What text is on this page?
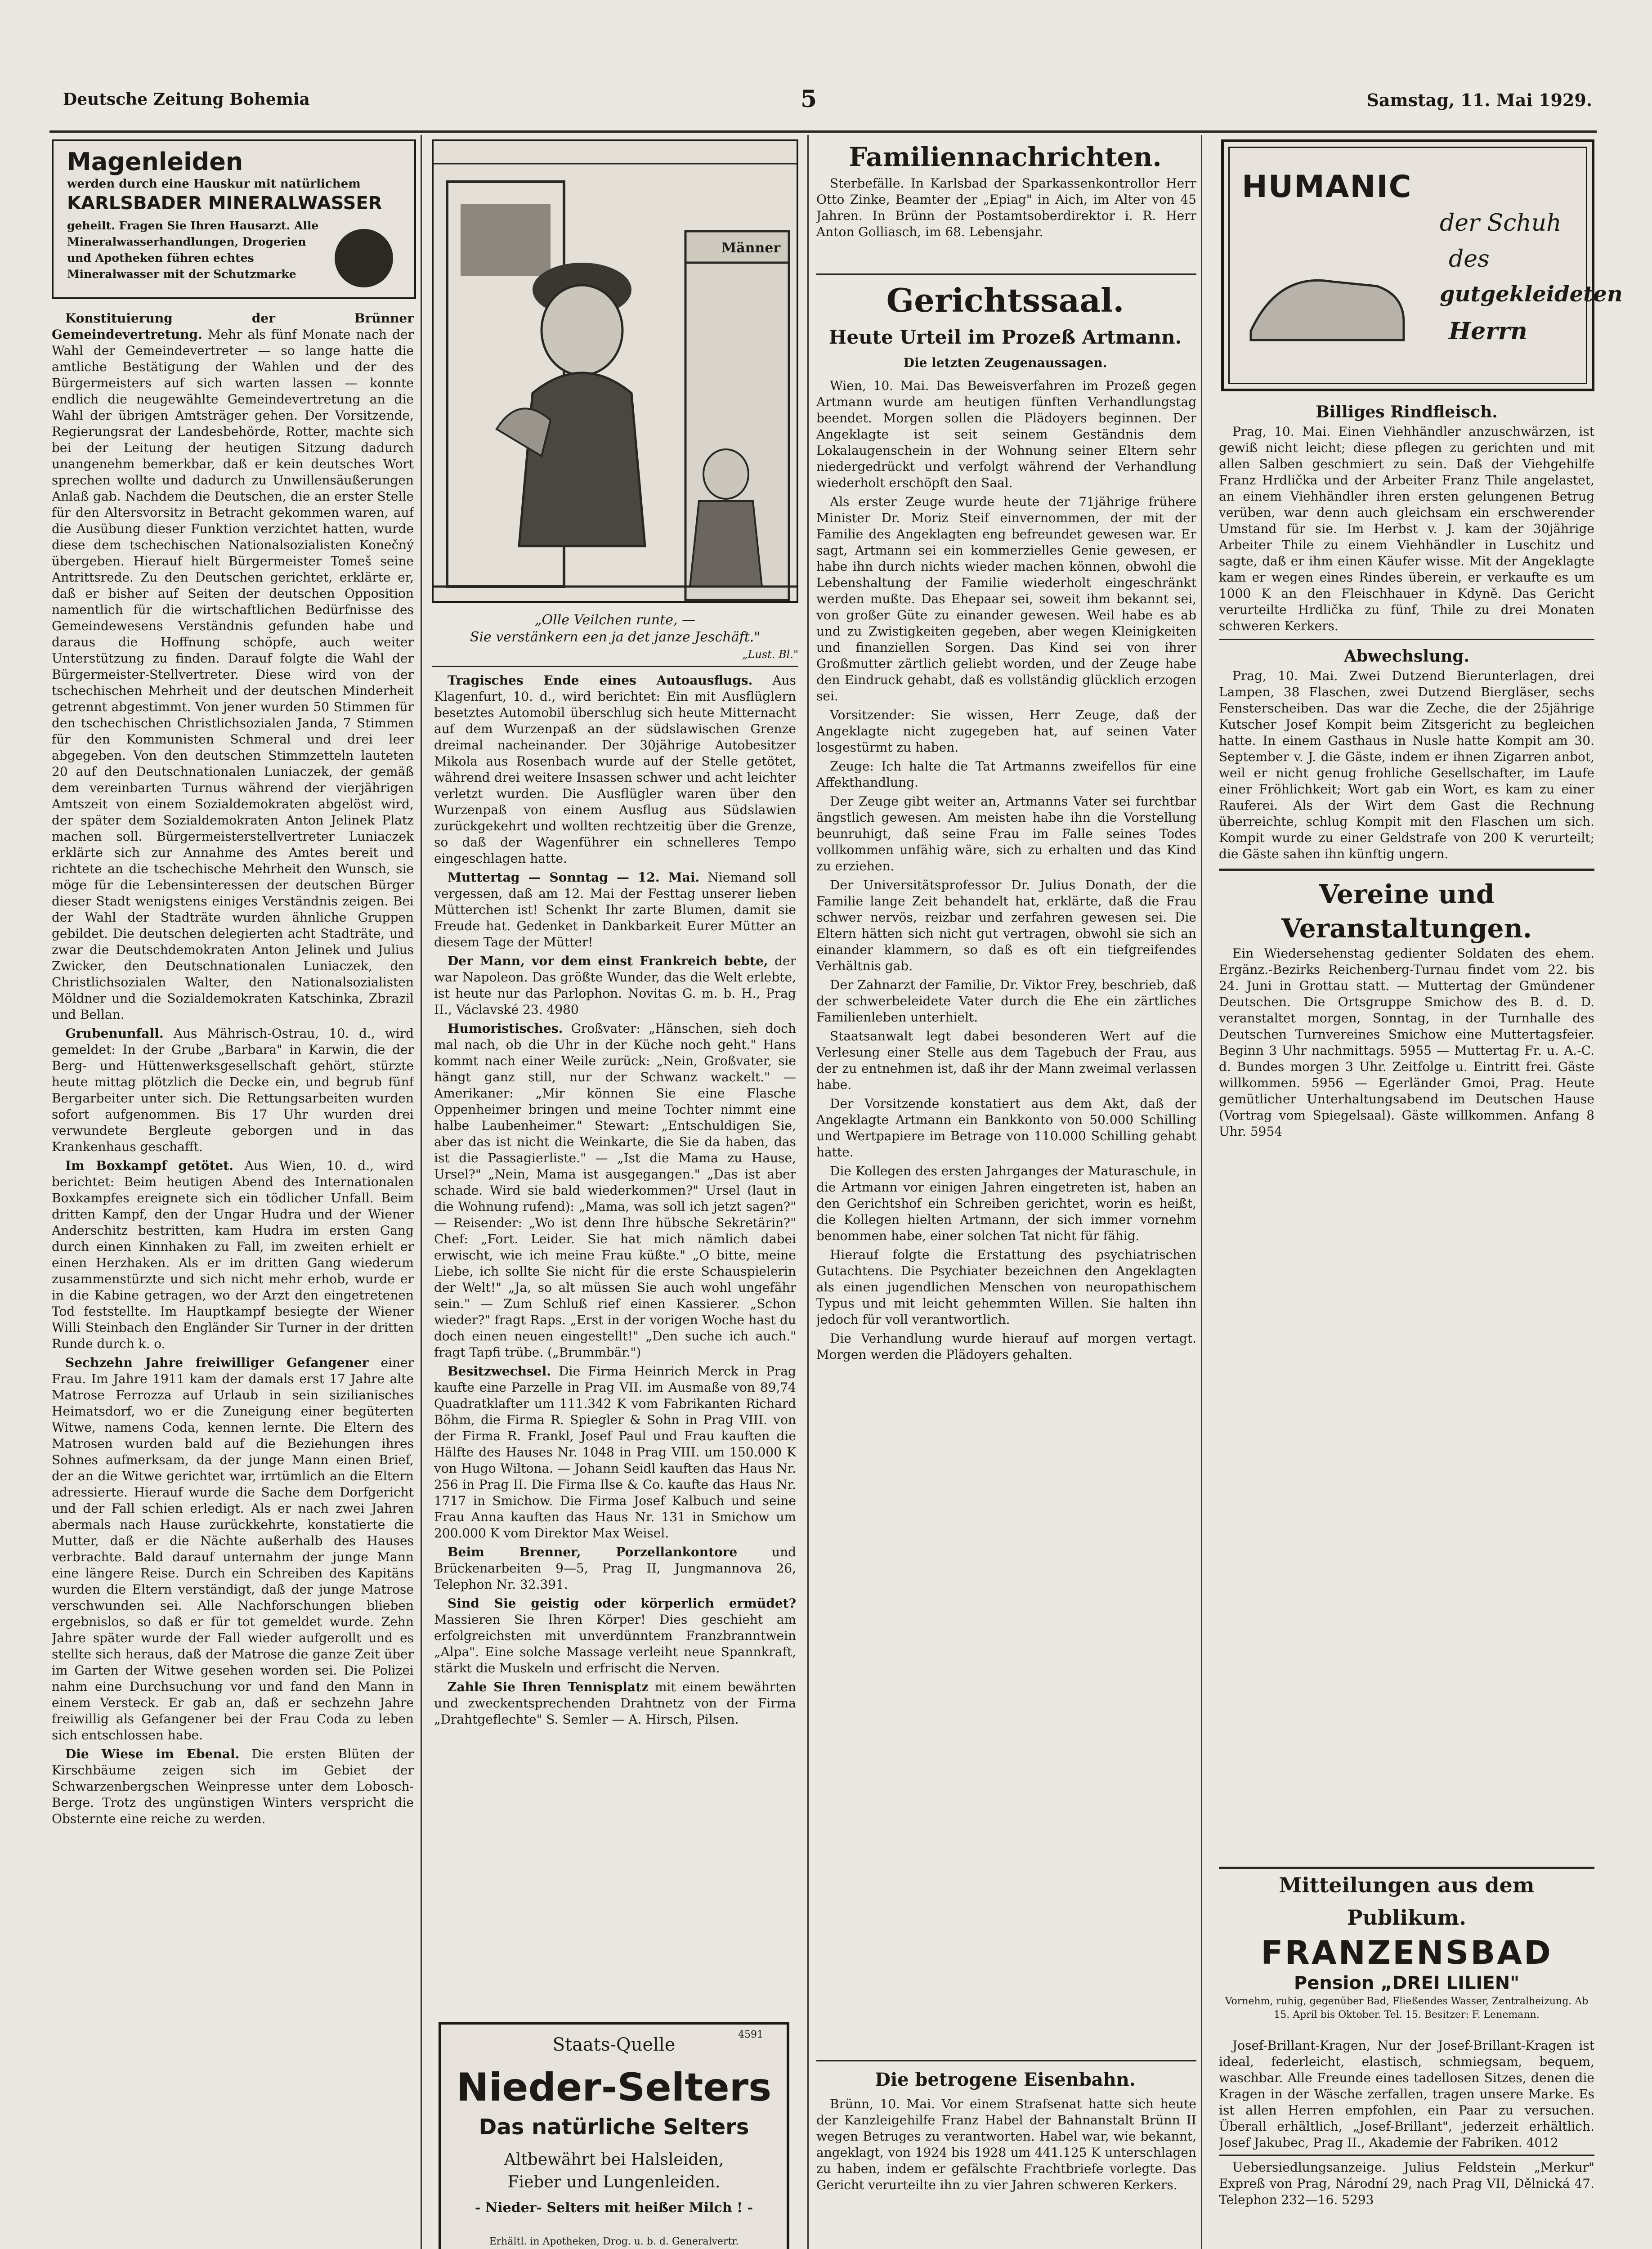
Deutsche Zeitung Bohemia	5	Samstag, 11. Mai 1929.
Magenleiden
werden durch eine Hauskur mit natürlichem
KARLSBADER MINERALWASSER
geheilt. Fragen Sie Ihren Hausarzt. Alle Mineralwasserhandlungen, Drogerien und Apotheken führen echtes Mineralwasser mit der Schutzmarke

Konstituierung der Brünner Gemeindevertretung. Mehr als fünf Monate nach der Wahl der Gemeindevertreter — so lange hatte die amtliche Bestätigung der Wahlen und der des Bürgermeisters auf sich warten lassen — konnte endlich die neugewählte Gemeindevertretung an die Wahl der übrigen Amtsträger gehen. Der Vorsitzende, Regierungsrat der Landesbehörde, Rotter, machte sich bei der Leitung der heutigen Sitzung dadurch unangenehm bemerkbar, daß er kein deutsches Wort sprechen wollte und dadurch zu Unwillensäußerungen Anlaß gab. Nachdem die Deutschen, die an erster Stelle für den Altersvorsitz in Betracht gekommen waren, auf die Ausübung dieser Funktion verzichtet hatten, wurde diese dem tschechischen Nationalsozialisten Konečný übergeben. Hierauf hielt Bürgermeister Tomeš seine Antrittsrede. Zu den Deutschen gerichtet, erklärte er, daß er bisher auf Seiten der deutschen Opposition namentlich für die wirtschaftlichen Bedürfnisse des Gemeindewesens Verständnis gefunden habe und daraus die Hoffnung schöpfe, auch weiter Unterstützung zu finden. Darauf folgte die Wahl der Bürgermeister-Stellvertreter. Diese wird von der tschechischen Mehrheit und der deutschen Minderheit getrennt abgestimmt. Von jener wurden 50 Stimmen für den tschechischen Christlichsozialen Janda, 7 Stimmen für den Kommunisten Schmeral und drei leer abgegeben. Von den deutschen Stimmzetteln lauteten 20 auf den Deutschnationalen Luniaczek, der gemäß dem vereinbarten Turnus während der vierjährigen Amtszeit von einem Sozialdemokraten abgelöst wird, der später dem Sozialdemokraten Anton Jelinek Platz machen soll. Bürgermeisterstellvertreter Luniaczek erklärte sich zur Annahme des Amtes bereit und richtete an die tschechische Mehrheit den Wunsch, sie möge für die Lebensinteressen der deutschen Bürger dieser Stadt wenigstens einiges Verständnis zeigen. Bei der Wahl der Stadträte wurden ähnliche Gruppen gebildet. Die deutschen delegierten acht Stadträte, und zwar die Deutschdemokraten Anton Jelinek und Julius Zwicker, den Deutschnationalen Luniaczek, den Christlichsozialen Walter, den Nationalsozialisten Möldner und die Sozialdemokraten Katschinka, Zbrazil und Bellan.

Grubenunfall. Aus Mährisch-Ostrau, 10. d., wird gemeldet: In der Grube „Barbara" in Karwin, die der Berg- und Hüttenwerksgesellschaft gehört, stürzte heute mittag plötzlich die Decke ein, und begrub fünf Bergarbeiter unter sich. Die Rettungsarbeiten wurden sofort aufgenommen. Bis 17 Uhr wurden drei verwundete Bergleute geborgen und in das Krankenhaus geschafft.

Im Boxkampf getötet. Aus Wien, 10. d., wird berichtet: Beim heutigen Abend des Internationalen Boxkampfes ereignete sich ein tödlicher Unfall. Beim dritten Kampf, den der Ungar Hudra und der Wiener Anderschitz bestritten, kam Hudra im ersten Gang durch einen Kinnhaken zu Fall, im zweiten erhielt er einen Herzhaken. Als er im dritten Gang wiederum zusammenstürzte und sich nicht mehr erhob, wurde er in die Kabine getragen, wo der Arzt den eingetretenen Tod feststellte. Im Hauptkampf besiegte der Wiener Willi Steinbach den Engländer Sir Turner in der dritten Runde durch k. o.

Sechzehn Jahre freiwilliger Gefangener einer Frau. Im Jahre 1911 kam der damals erst 17 Jahre alte Matrose Ferrozza auf Urlaub in sein sizilianisches Heimatsdorf, wo er die Zuneigung einer begüterten Witwe, namens Coda, kennen lernte. Die Eltern des Matrosen wurden bald auf die Beziehungen ihres Sohnes aufmerksam, da der junge Mann einen Brief, der an die Witwe gerichtet war, irrtümlich an die Eltern adressierte. Hierauf wurde die Sache dem Dorfgericht und der Fall schien erledigt. Als er nach zwei Jahren abermals nach Hause zurückkehrte, konstatierte die Mutter, daß er die Nächte außerhalb des Hauses verbrachte. Bald darauf unternahm der junge Mann eine längere Reise. Durch ein Schreiben des Kapitäns wurden die Eltern verständigt, daß der junge Matrose verschwunden sei. Alle Nachforschungen blieben ergebnislos, so daß er für tot gemeldet wurde. Zehn Jahre später wurde der Fall wieder aufgerollt und es stellte sich heraus, daß der Matrose die ganze Zeit über im Garten der Witwe gesehen worden sei. Die Polizei nahm eine Durchsuchung vor und fand den Mann in einem Versteck. Er gab an, daß er sechzehn Jahre freiwillig als Gefangener bei der Frau Coda zu leben sich entschlossen habe.

Die Wiese im Ebenal. Die ersten Blüten der Kirschbäume zeigen sich im Gebiet der Schwarzenbergschen Weinpresse unter dem Lobosch-Berge. Trotz des ungünstigen Winters verspricht die Obsternte eine reiche zu werden.

Männer
„Olle Veilchen runte, —
Sie verstänkern een ja det janze Jeschäft."
„Lust. Bl."

Tragisches Ende eines Autoausflugs. Aus Klagenfurt, 10. d., wird berichtet: Ein mit Ausflüglern besetztes Automobil überschlug sich heute Mitternacht auf dem Wurzenpaß an der südslawischen Grenze dreimal nacheinander. Der 30jährige Autobesitzer Mikola aus Rosenbach wurde auf der Stelle getötet, während drei weitere Insassen schwer und acht leichter verletzt wurden. Die Ausflügler waren über den Wurzenpaß von einem Ausflug aus Südslawien zurückgekehrt und wollten rechtzeitig über die Grenze, so daß der Wagenführer ein schnelleres Tempo eingeschlagen hatte.

Muttertag — Sonntag — 12. Mai. Niemand soll vergessen, daß am 12. Mai der Festtag unserer lieben Mütterchen ist! Schenkt Ihr zarte Blumen, damit sie Freude hat. Gedenket in Dankbarkeit Eurer Mütter an diesem Tage der Mütter!

Der Mann, vor dem einst Frankreich bebte, der war Napoleon. Das größte Wunder, das die Welt erlebte, ist heute nur das Parlophon. Novitas G. m. b. H., Prag II., Václavské 23. 4980

Humoristisches. Großvater: „Hänschen, sieh doch mal nach, ob die Uhr in der Küche noch geht." Hans kommt nach einer Weile zurück: „Nein, Großvater, sie hängt ganz still, nur der Schwanz wackelt." — Amerikaner: „Mir können Sie eine Flasche Oppenheimer bringen und meine Tochter nimmt eine halbe Laubenheimer." Stewart: „Entschuldigen Sie, aber das ist nicht die Weinkarte, die Sie da haben, das ist die Passagierliste." — „Ist die Mama zu Hause, Ursel?" „Nein, Mama ist ausgegangen." „Das ist aber schade. Wird sie bald wiederkommen?" Ursel (laut in die Wohnung rufend): „Mama, was soll ich jetzt sagen?" — Reisender: „Wo ist denn Ihre hübsche Sekretärin?" Chef: „Fort. Leider. Sie hat mich nämlich dabei erwischt, wie ich meine Frau küßte." „O bitte, meine Liebe, ich sollte Sie nicht für die erste Schauspielerin der Welt!" „Ja, so alt müssen Sie auch wohl ungefähr sein." — Zum Schluß rief einen Kassierer. „Schon wieder?" fragt Raps. „Erst in der vorigen Woche hast du doch einen neuen eingestellt!" „Den suche ich auch." fragt Tapfi trübe. („Brummbär.")

Besitzwechsel. Die Firma Heinrich Merck in Prag kaufte eine Parzelle in Prag VII. im Ausmaße von 89,74 Quadratklafter um 111.342 K vom Fabrikanten Richard Böhm, die Firma R. Spiegler & Sohn in Prag VIII. von der Firma R. Frankl, Josef Paul und Frau kauften die Hälfte des Hauses Nr. 1048 in Prag VIII. um 150.000 K von Hugo Wiltona. — Johann Seidl kauften das Haus Nr. 256 in Prag II. Die Firma Ilse & Co. kaufte das Haus Nr. 1717 in Smichow. Die Firma Josef Kalbuch und seine Frau Anna kauften das Haus Nr. 131 in Smichow um 200.000 K vom Direktor Max Weisel.

Beim Brenner, Porzellankontore	und Brückenarbeiten 9—5, Prag II, Jungmannova 26, Telephon Nr. 32.391.

Sind Sie geistig oder körperlich ermüdet? Massieren Sie Ihren Körper! Dies geschieht am erfolgreichsten mit unverdünntem Franzbranntwein „Alpa". Eine solche Massage verleiht neue Spannkraft, stärkt die Muskeln und erfrischt die Nerven.

Zahle Sie Ihren Tennisplatz mit einem bewährten und zweckentsprechenden Drahtnetz von der Firma „Drahtgeflechte" S. Semler — A. Hirsch, Pilsen.

Staats-Quelle	4591
Nieder-Selters
Das natürliche Selters
Altbewährt bei Halsleiden,
Fieber und Lungenleiden.
- Nieder- Selters mit heißer Milch ! -
Erhältl. in Apotheken, Drog. u. b. d. Generalvertr.
Familiennachrichten.

Sterbefälle. In Karlsbad der Sparkassenkontrollor Herr Otto Zinke, Beamter der „Epiag" in Aich, im Alter von 45 Jahren. In Brünn der Postamtsoberdirektor i. R. Herr Anton Golliasch, im 68. Lebensjahr.

Gerichtssaal.
Heute Urteil im Prozeß Artmann.
Die letzten Zeugenaussagen.

Wien, 10. Mai. Das Beweisverfahren im Prozeß gegen Artmann wurde am heutigen fünften Verhandlungstag beendet. Morgen sollen die Plädoyers beginnen. Der Angeklagte ist seit seinem Geständnis dem Lokalaugenschein in der Wohnung seiner Eltern sehr niedergedrückt und verfolgt während der Verhandlung wiederholt erschöpft den Saal.

Als erster Zeuge wurde heute der 71jährige frühere Minister Dr. Moriz Steif einvernommen, der mit der Familie des Angeklagten eng befreundet gewesen war. Er sagt, Artmann sei ein kommerzielles Genie gewesen, er habe ihn durch nichts wieder machen können, obwohl die Lebenshaltung der Familie wiederholt eingeschränkt werden mußte. Das Ehepaar sei, soweit ihm bekannt sei, von großer Güte zu einander gewesen. Weil habe es ab und zu Zwistigkeiten gegeben, aber wegen Kleinigkeiten und finanziellen Sorgen. Das Kind sei von ihrer Großmutter zärtlich geliebt worden, und der Zeuge habe den Eindruck gehabt, daß es vollständig glücklich erzogen sei.

Vorsitzender: Sie wissen, Herr Zeuge, daß der Angeklagte nicht zugegeben hat, auf seinen Vater losgestürmt zu haben.

Zeuge: Ich halte die Tat Artmanns zweifellos für eine Affekthandlung.

Der Zeuge gibt weiter an, Artmanns Vater sei furchtbar ängstlich gewesen. Am meisten habe ihn die Vorstellung beunruhigt, daß seine Frau im Falle seines Todes vollkommen unfähig wäre, sich zu erhalten und das Kind zu erziehen.

Der Universitätsprofessor Dr. Julius Donath, der die Familie lange Zeit behandelt hat, erklärte, daß die Frau schwer nervös, reizbar und zerfahren gewesen sei. Die Eltern hätten sich nicht gut vertragen, obwohl sie sich an einander klammern, so daß es oft ein tiefgreifendes Verhältnis gab.

Der Zahnarzt der Familie, Dr. Viktor Frey, beschrieb, daß der schwerbeleidete Vater durch die Ehe ein zärtliches Familienleben unterhielt.

Staatsanwalt legt dabei besonderen Wert auf die Verlesung einer Stelle aus dem Tagebuch der Frau, aus der zu entnehmen ist, daß ihr der Mann zweimal verlassen habe.

Der Vorsitzende konstatiert aus dem Akt, daß der Angeklagte Artmann ein Bankkonto von 50.000 Schilling und Wertpapiere im Betrage von 110.000 Schilling gehabt hatte.

Die Kollegen des ersten Jahrganges der Maturaschule, in die Artmann vor einigen Jahren eingetreten ist, haben an den Gerichtshof ein Schreiben gerichtet, worin es heißt, die Kollegen hielten Artmann, der sich immer vornehm benommen habe, einer solchen Tat nicht für fähig.

Hierauf folgte die Erstattung des psychiatrischen Gutachtens. Die Psychiater bezeichnen den Angeklagten als einen jugendlichen Menschen von neuropathischem Typus und mit leicht gehemmten Willen. Sie halten ihn jedoch für voll verantwortlich.

Die Verhandlung wurde hierauf auf morgen vertagt. Morgen werden die Plädoyers gehalten.

Die betrogene Eisenbahn.

Brünn, 10. Mai. Vor einem Strafsenat hatte sich heute der Kanzleigehilfe Franz Habel der Bahnanstalt Brünn II wegen Betruges zu verantworten. Habel war, wie bekannt, angeklagt, von 1924 bis 1928 um 441.125 K unterschlagen zu haben, indem er gefälschte Frachtbriefe vorlegte. Das Gericht verurteilte ihn zu vier Jahren schweren Kerkers.

HUMANIC
der Schuh
des
gutgekleideten
Herrn
Billiges Rindfleisch.

Prag, 10. Mai. Einen Viehhändler anzuschwärzen, ist gewiß nicht leicht; diese pflegen zu gerichten und mit allen Salben geschmiert zu sein. Daß der Viehgehilfe Franz Hrdlička und der Arbeiter Franz Thile angelastet, an einem Viehhändler ihren ersten gelungenen Betrug verüben, war denn auch gleichsam ein erschwerender Umstand für sie. Im Herbst v. J. kam der 30jährige Arbeiter Thile zu einem Viehhändler in Luschitz und sagte, daß er ihm einen Käufer wisse. Mit der Angeklagte kam er wegen eines Rindes überein, er verkaufte es um 1000 K an den Fleischhauer in Kdyně. Das Gericht verurteilte Hrdlička zu fünf, Thile zu drei Monaten schweren Kerkers.

Abwechslung.

Prag, 10. Mai. Zwei Dutzend Bierunterlagen, drei Lampen, 38 Flaschen, zwei Dutzend Biergläser, sechs Fensterscheiben. Das war die Zeche, die der 25jährige Kutscher Josef Kompit beim Zitsgericht zu begleichen hatte. In einem Gasthaus in Nusle hatte Kompit am 30. September v. J. die Gäste, indem er ihnen Zigarren anbot, weil er nicht genug frohliche Gesellschafter, im Laufe einer Fröhlichkeit; Wort gab ein Wort, es kam zu einer Rauferei. Als der Wirt dem Gast die Rechnung überreichte, schlug Kompit mit den Flaschen um sich. Kompit wurde zu einer Geldstrafe von 200 K verurteilt; die Gäste sahen ihn künftig ungern.

Vereine und Veranstaltungen.

Ein Wiedersehenstag gedienter Soldaten des ehem. Ergänz.-Bezirks Reichenberg-Turnau findet vom 22. bis 24. Juni in Grottau statt. — Muttertag der Gmündener Deutschen. Die Ortsgruppe Smichow des B. d. D. veranstaltet morgen, Sonntag, in der Turnhalle des Deutschen Turnvereines Smichow eine Muttertagsfeier. Beginn 3 Uhr nachmittags. 5955 — Muttertag Fr. u. A.-C. d. Bundes morgen 3 Uhr. Zeitfolge u. Eintritt frei. Gäste willkommen. 5956 — Egerländer Gmoi, Prag. Heute gemütlicher Unterhaltungsabend im Deutschen Hause (Vortrag vom Spiegelsaal). Gäste willkommen. Anfang 8 Uhr. 5954

Mitteilungen aus dem Publikum.
FRANZENSBAD
Pension „DREI LILIEN"
Vornehm, ruhig, gegenüber Bad, Fließendes Wasser, Zentralheizung. Ab 15. April bis Oktober. Tel. 15. Besitzer: F. Lenemann.

Josef-Brillant-Kragen, Nur der Josef-Brillant-Kragen ist ideal, federleicht, elastisch, schmiegsam, bequem, waschbar. Alle Freunde eines tadellosen Sitzes, denen die Kragen in der Wäsche zerfallen, tragen unsere Marke. Es ist allen Herren empfohlen, ein Paar zu versuchen. Überall erhältlich, „Josef-Brillant", jederzeit erhältlich. Josef Jakubec, Prag II., Akademie der Fabriken. 4012

Uebersiedlungsanzeige. Julius Feldstein „Merkur" Expreß von Prag, Národní 29, nach Prag VII, Dělnická 47. Telephon 232—16. 5293
